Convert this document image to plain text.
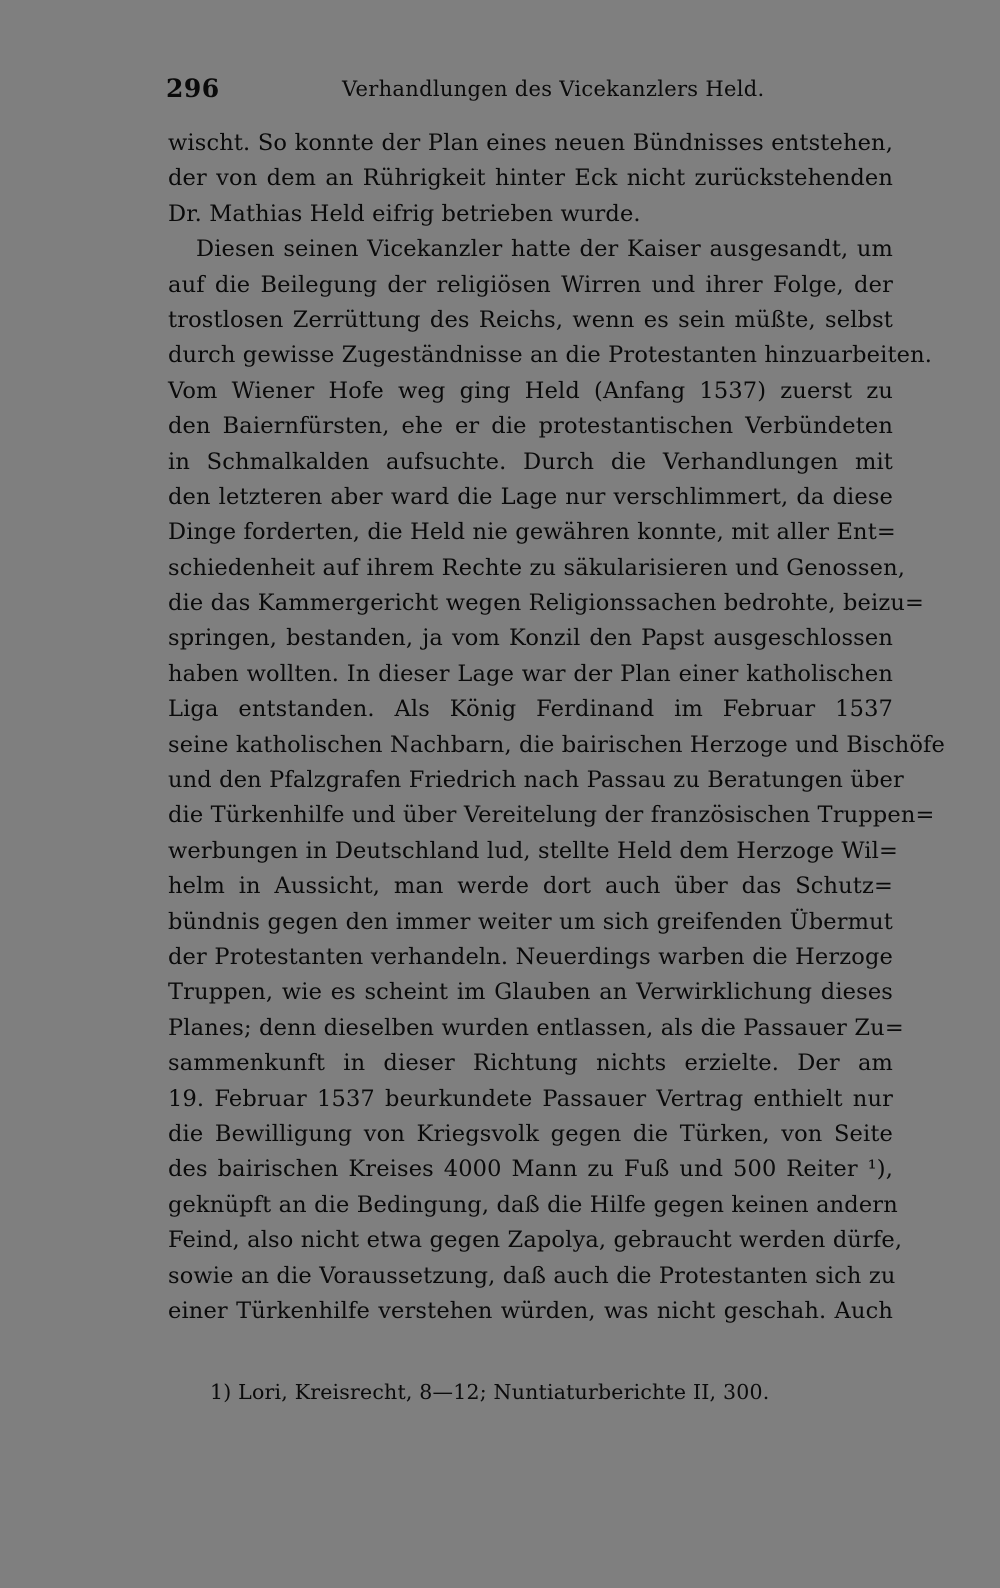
296	Verhandlungen des Vicekanzlers Held.
wischt. So konnte der Plan eines neuen Bündnisses entstehen,
der von dem an Rührigkeit hinter Eck nicht zurückstehenden
Dr. Mathias Held eifrig betrieben wurde.
Diesen seinen Vicekanzler hatte der Kaiser ausgesandt, um
auf die Beilegung der religiösen Wirren und ihrer Folge, der
trostlosen Zerrüttung des Reichs, wenn es sein müßte, selbst
durch gewisse Zugeständnisse an die Protestanten hinzuarbeiten.
Vom Wiener Hofe weg ging Held (Anfang 1537) zuerst zu
den Baiernfürsten, ehe er die protestantischen Verbündeten
in Schmalkalden aufsuchte. Durch die Verhandlungen mit
den letzteren aber ward die Lage nur verschlimmert, da diese
Dinge forderten, die Held nie gewähren konnte, mit aller Ent=
schiedenheit auf ihrem Rechte zu säkularisieren und Genossen,
die das Kammergericht wegen Religionssachen bedrohte, beizu=
springen, bestanden, ja vom Konzil den Papst ausgeschlossen
haben wollten. In dieser Lage war der Plan einer katholischen
Liga entstanden. Als König Ferdinand im Februar 1537
seine katholischen Nachbarn, die bairischen Herzoge und Bischöfe
und den Pfalzgrafen Friedrich nach Passau zu Beratungen über
die Türkenhilfe und über Vereitelung der französischen Truppen=
werbungen in Deutschland lud, stellte Held dem Herzoge Wil=
helm in Aussicht, man werde dort auch über das Schutz=
bündnis gegen den immer weiter um sich greifenden Übermut
der Protestanten verhandeln. Neuerdings warben die Herzoge
Truppen, wie es scheint im Glauben an Verwirklichung dieses
Planes; denn dieselben wurden entlassen, als die Passauer Zu=
sammenkunft in dieser Richtung nichts erzielte. Der am
19. Februar 1537 beurkundete Passauer Vertrag enthielt nur
die Bewilligung von Kriegsvolk gegen die Türken, von Seite
des bairischen Kreises 4000 Mann zu Fuß und 500 Reiter ¹),
geknüpft an die Bedingung, daß die Hilfe gegen keinen andern
Feind, also nicht etwa gegen Zapolya, gebraucht werden dürfe,
sowie an die Voraussetzung, daß auch die Protestanten sich zu
einer Türkenhilfe verstehen würden, was nicht geschah. Auch
1) Lori, Kreisrecht, 8—12; Nuntiaturberichte II, 300.
